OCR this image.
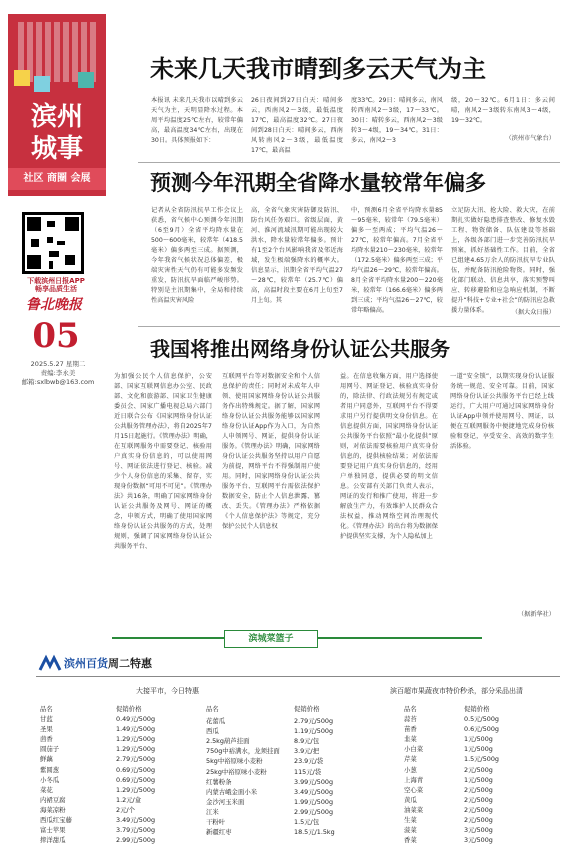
滨州
城事
社区 商圈 会展
下载滨州日报APP
畅享品质生活
鲁北晚报
05
2025.5.27 星期二
责编:李永美
邮箱:sxlbwb@163.com
未来几天我市晴到多云天气为主
本报讯 未来几天我市以晴到多云天气为主，天明显降水过程。本周平均温度25℃左右，较常年偏高，最高温度34℃左右，出现在30日。具体预报如下：
26日夜间到27日白天：晴间多云，西南风2～3级，最低温度17℃，最高温度32℃。27日夜间到28日白天：晴间多云，西南风转南风2～3级，最低温度17℃，最高温
度33℃。29日：晴间多云，南风转西南风2～3级，17～33℃。30日：晴转多云，西南风2～3级转3～4级，19～34℃。31日：多云，南风2～3
级，20～32℃。6月1日：多云间晴，南风2～3级转东南风3～4级，19～32℃。
（滨州市气象台）
预测今年汛期全省降水量较常年偏多
记者从全省防汛抗旱工作会议上获悉，省气候中心预测今年汛期（6至9月）全省平均降水量在500～600毫米，较常年（418.5毫米）偏多两至三成。据预测，今年我省气候状况总体偏差，极端灾害性天气仍有可能多发频发重发，防汛抗旱面临严峻形势。特别是主汛期集中，全局和持续性高温灾害风险
高，全省气象灾害防御及防汛、防台风任务艰巨。省级层面，黄河、淮河流域汛期可能出现较大洪水，降水量较常年偏多。预计有1至2个台风影响我省及邻近海域，发生极端强降水的概率大。信息显示，汛期全省平均气温27～28℃，较常年（25.7℃）偏高，高温时段主要在6月上旬至7月上旬。其
中，预测6月全省平均降水量85～95毫米，较常年（79.5毫米）偏多一至两成；平均气温26～27℃，较常年偏高。7月全省平均降水量210～230毫米，较常年（172.5毫米）偏多两至三成；平均气温26～29℃，较常年偏高。8月全省平均降水量200～220毫米，较常年（166.6毫米）偏多两到三成；平均气温26～27℃，较常年略偏高。
立足防大汛、抢大险、救大灾，在前期扎实做好隐患排查整改、修复水毁工程、物资储备、队伍建设等基础上，各级各部门进一步完善防汛抗旱预案，抓好基础性工作。目前，全省已组建4.65万余人的防汛抗旱专业队伍，并配备防汛抢险物资。同时，强化部门联动、信息共享，落实预警叫应、转移避险和应急响应机制，不断提升“科技+专业+社会”的防汛应急救援力量体系。	（据大众日报）
我国将推出网络身份认证公共服务
为加强公民个人信息保护，公安部、国家互联网信息办公室、民政部、文化和旅游部、国家卫生健康委员会、国家广播电视总局六部门近日联合公布《国家网络身份认证公共服务管理办法》，将自2025年7月15日起施行。《管理办法》明确，在互联网服务中需要登记、核验用户真实身份信息的，可以使用网号、网证依法进行登记、核验。减少个人身份信息的采集、留存，实现身份数据“可用不可见”。《管理办法》共16条，明确了国家网络身份认证公共服务及网号、网证的概念，申领方式，明确了使用国家网络身份认证公共服务的方式，处理规则，强调了国家网络身份认证公共服务平台、
互联网平台等对数据安全和个人信息保护的责任；同时对未成年人申领、使用国家网络身份认证公共服务作出特殊规定。据了解，国家网络身份认证公共服务能够以国家网络身份认证App作为入口，为自然人申领网号、网证，提供身份认证服务。《管理办法》明确，国家网络身份认证公共服务坚持以用户自愿为前提，网络平台不得强制用户使用。同时，国家网络身份认证公共服务平台、互联网平台需依法保护数据安全，防止个人信息泄露、篡改、丢失。《管理办法》严格依据《个人信息保护法》等规定，充分保护公民个人信息权
益。在信息收集方面，用户选择使用网号、网证登记、核验真实身份的，除法律、行政法规另有规定或者用户同意外，互联网平台不得要求用户另行提供明文身份信息。在信息提供方面，国家网络身份认证公共服务平台依照“最小化提供”原则，对依法需要核验用户真实身份信息的，提供核验结果；对依法需要登记用户真实身份信息的，经用户单独同意，提供必要的明文信息。公安部有关部门负责人表示，网证的发行和推广使用，将进一步解放生产力，有效维护人民群众合法权益，推动网络空间治理现代化。《管理办法》的出台将为数据保护提供坚实支撑，为个人隐私加上
一道“安全锁”，以期实现身份认证服务统一规范、安全可靠。目前，国家网络身份认证公共服务平台已经上线运行，广大用户可通过国家网络身份认证App申领并使用网号、网证，以便在互联网服务中便捷地完成身份核验和登记，享受安全、高效的数字生活体验。
（据新华社）
滨城菜篮子
滨州百货 周二特惠
大接平市，今日特惠	滨百超市果蔬夜市特价秒杀，部分采品出清
品名	促销价格	品名	促销价格	品名	促销价格
甘蓝	0.49元/500g
圣果	1.49元/500g
茴香	1.29元/500g
圆茄子	1.29元/500g
鲜藕	2.79元/500g
紫圆葱	0.69元/500g
小冬瓜	0.69元/500g
菜花	1.29元/500g
内裙豆腐	1.2元/盒
海菜凉粉	2元/个
西瓜红宝藤	3.49元/500g
富士苹果	3.79元/500g
摔洋甜瓜	2.99元/500g
花蕾瓜	2.79元/500g
西瓜	1.19元/500g
2.5kg葫芦挂面	8.9元/包
750g中裕满水，龙须挂面 3.9元/把
5kg中裕原味小麦粉	23.9元/袋
25kg中裕原味小麦粉	115元/袋
红薯粉条	3.99元/500g
内蒙古峨金面小米	3.49元/500g
金沙河玉米面	1.99元/500g
江米	2.99元/500g
干粉叶	1.5元/包
新疆红枣	18.5元/1.5kg
蒜苔	0.5元/500g
苗香	0.6元/500g
韭菜	1元/500g
小白菜	1元/500g
芹菜	1.5元/500g
小葱	2元/500g
上海青	1元/500g
空心菜	2元/500g
黄瓜	2元/500g
油菜菜	2元/500g
生菜	2元/500g
菠菜	3元/500g
香菜	3元/500g
